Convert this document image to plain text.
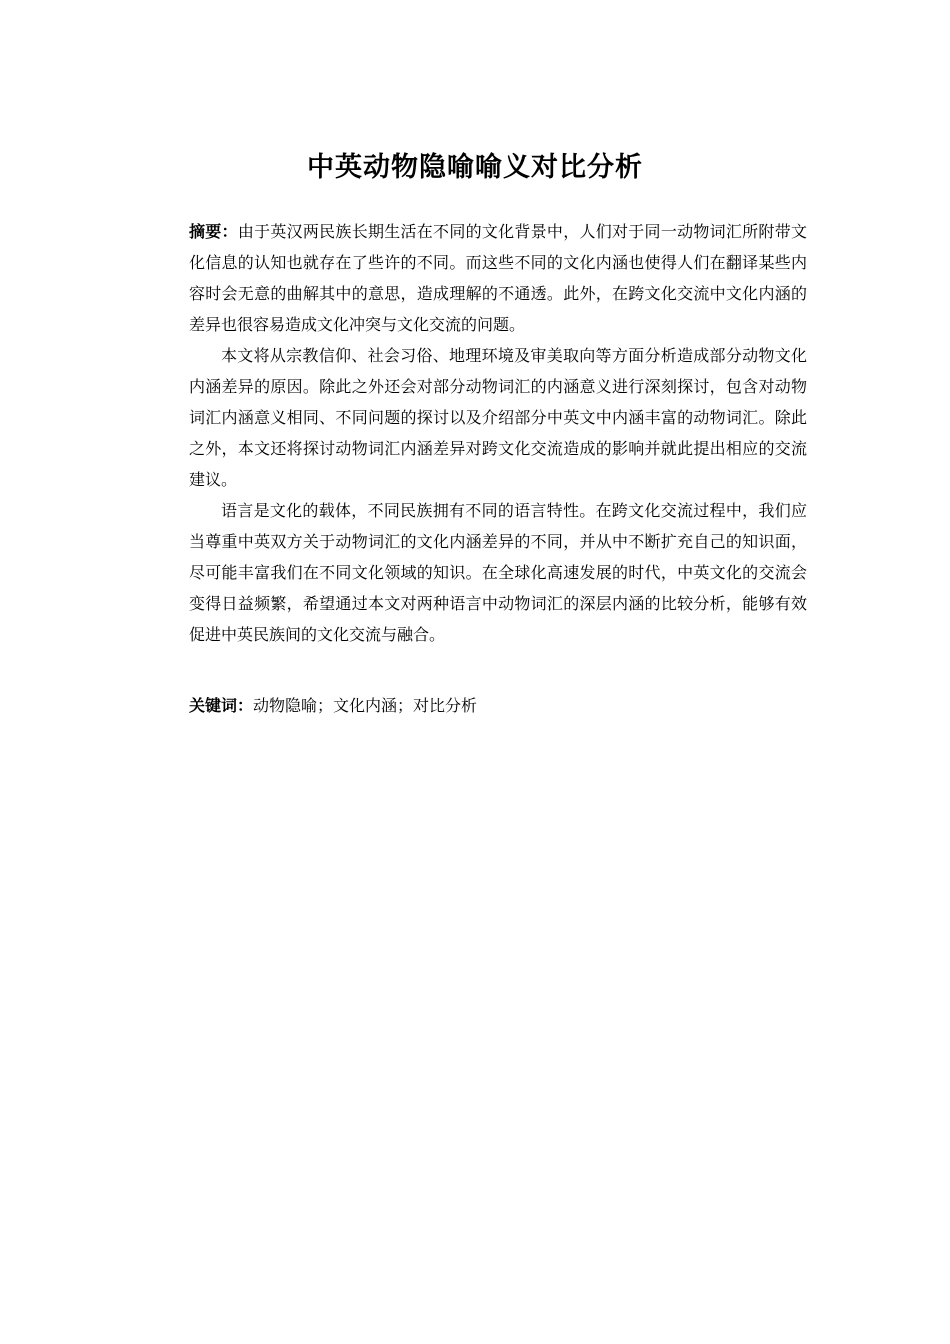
中英动物隐喻喻义对比分析

摘要：由于英汉两民族长期生活在不同的文化背景中，人们对于同一动物词汇所附带文化信息的认知也就存在了些许的不同。而这些不同的文化内涵也使得人们在翻译某些内容时会无意的曲解其中的意思，造成理解的不通透。此外，在跨文化交流中文化内涵的差异也很容易造成文化冲突与文化交流的问题。

本文将从宗教信仰、社会习俗、地理环境及审美取向等方面分析造成部分动物文化内涵差异的原因。除此之外还会对部分动物词汇的内涵意义进行深刻探讨，包含对动物词汇内涵意义相同、不同问题的探讨以及介绍部分中英文中内涵丰富的动物词汇。除此之外，本文还将探讨动物词汇内涵差异对跨文化交流造成的影响并就此提出相应的交流建议。

语言是文化的载体，不同民族拥有不同的语言特性。在跨文化交流过程中，我们应当尊重中英双方关于动物词汇的文化内涵差异的不同，并从中不断扩充自己的知识面，尽可能丰富我们在不同文化领域的知识。在全球化高速发展的时代，中英文化的交流会变得日益频繁，希望通过本文对两种语言中动物词汇的深层内涵的比较分析，能够有效促进中英民族间的文化交流与融合。

关键词：动物隐喻；文化内涵；对比分析
